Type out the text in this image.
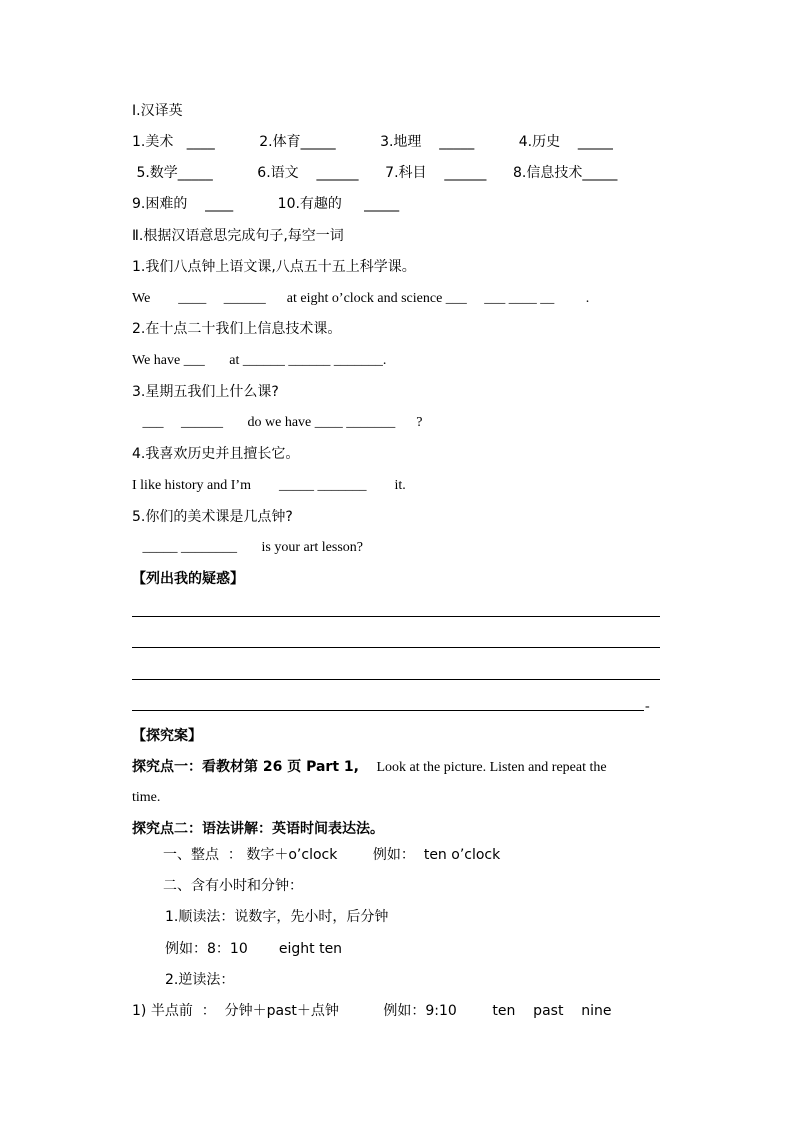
Ⅰ.汉译英
1.美术   ____          2.体育_____          3.地理    _____          4.历史    _____
5.数学_____          6.语文    ______      7.科目    ______      8.信息技术_____
9.困难的    ____          10.有趣的     _____
Ⅱ.根据汉语意思完成句子,每空一词
1.我们八点钟上语文课,八点五十五上科学课。
We        ____     ______      at eight o’clock and science ___     ___ ____ __         .
2.在十点二十我们上信息技术课。
We have ___       at ______ ______ _______.
3.星期五我们上什么课?
___     ______       do we have ____ _______      ?
4.我喜欢历史并且擅长它。
I like history and I’m        _____ _______        it.
5.你们的美术课是几点钟?
_____ ________       is your art lesson?
【列出我的疑惑】
-
【探究案】
探究点一：看教材第 26 页 Part 1,     Look at the picture. Listen and repeat the
time.
探究点二：语法讲解：英语时间表达法。
一、整点  ： 数字＋o’clock        例如：  ten o’clock
二、含有小时和分钟：
1.顺读法：说数字，先小时，后分钟
例如：8：10       eight ten
2.逆读法：
1) 半点前  ：  分钟＋past＋点钟          例如：9:10        ten    past    nine
